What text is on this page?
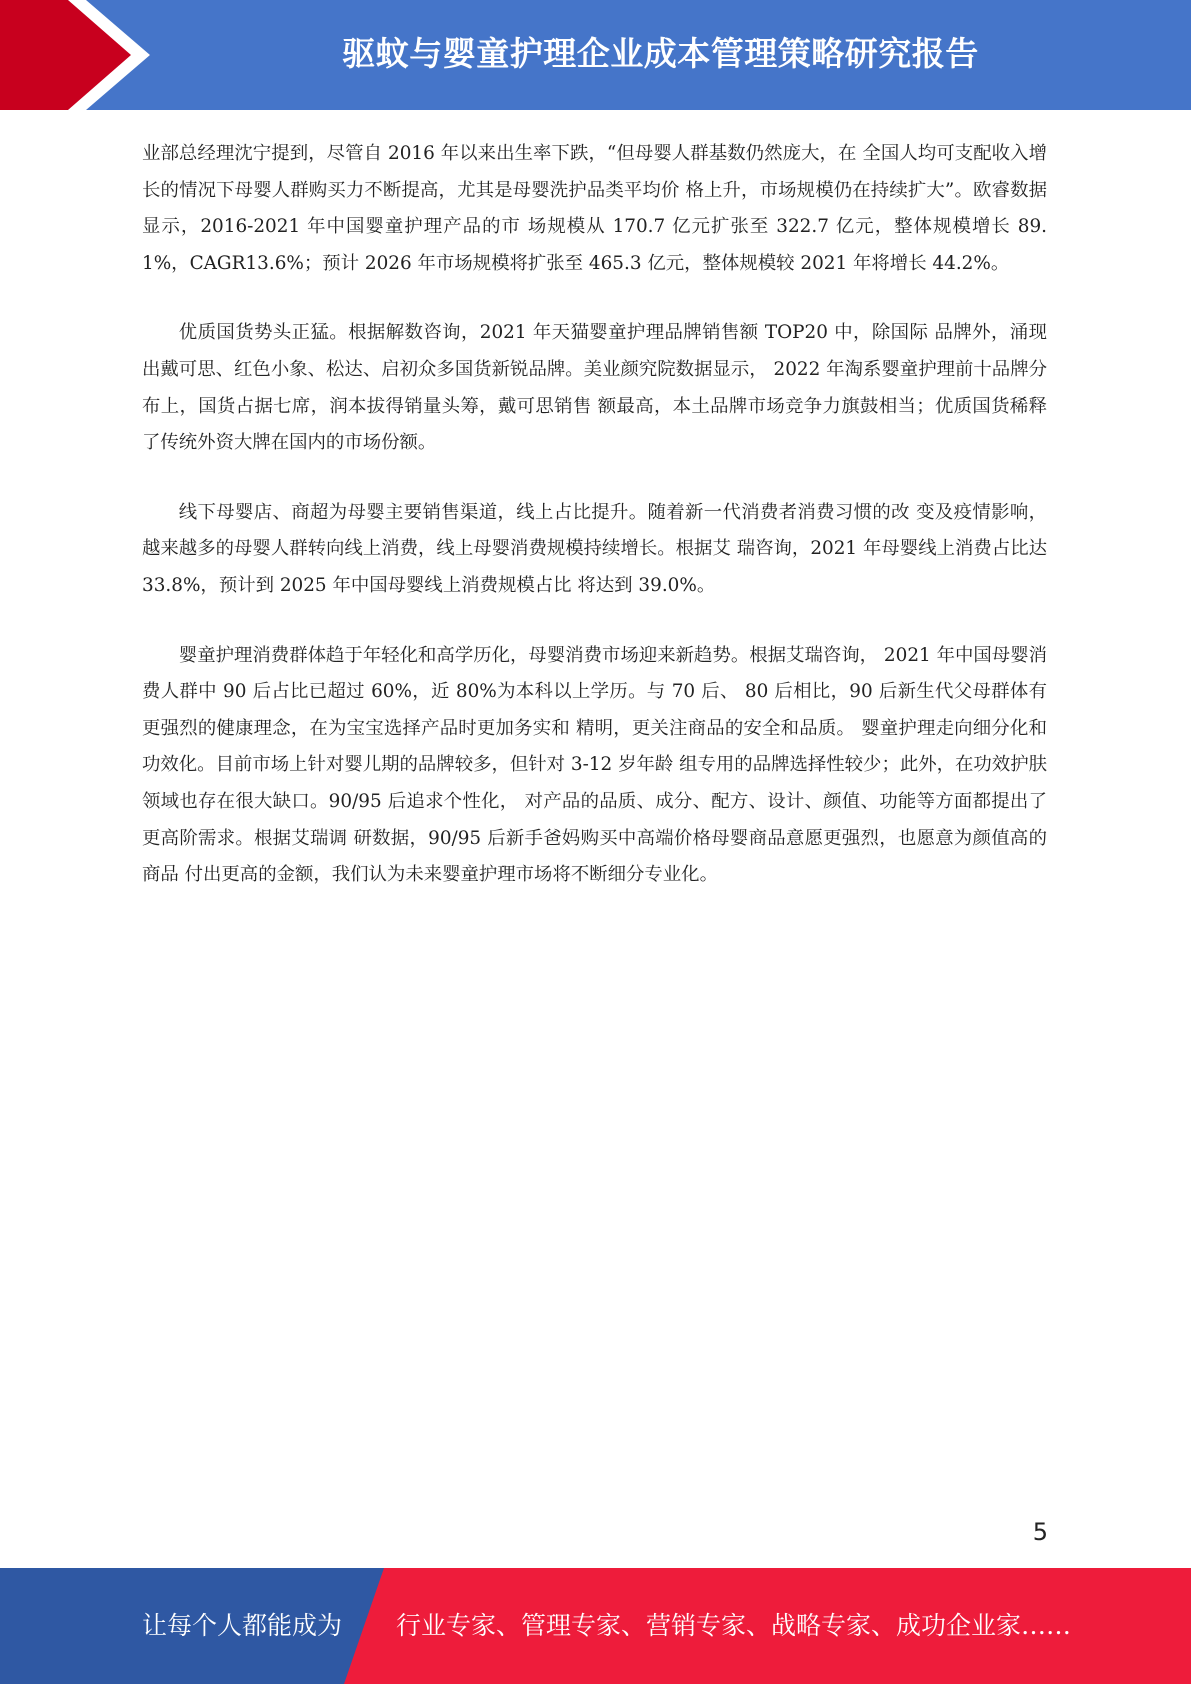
驱蚊与婴童护理企业成本管理策略研究报告

业部总经理沈宁提到，尽管自 2016 年以来出生率下跌，“但母婴人群基数仍然庞大，在 全国人均可支配收入增长的情况下母婴人群购买力不断提高，尤其是母婴洗护品类平均价 格上升，市场规模仍在持续扩大”。欧睿数据显示，2016-2021 年中国婴童护理产品的市 场规模从 170.7 亿元扩张至 322.7 亿元，整体规模增长 89.1%，CAGR13.6%；预计 2026 年市场规模将扩张至 465.3 亿元，整体规模较 2021 年将增长 44.2%。

优质国货势头正猛。根据解数咨询，2021 年天猫婴童护理品牌销售额 TOP20 中，除国际 品牌外，涌现出戴可思、红色小象、松达、启初众多国货新锐品牌。美业颜究院数据显示， 2022 年淘系婴童护理前十品牌分布上，国货占据七席，润本拔得销量头筹，戴可思销售 额最高，本土品牌市场竞争力旗鼓相当；优质国货稀释了传统外资大牌在国内的市场份额。

线下母婴店、商超为母婴主要销售渠道，线上占比提升。随着新一代消费者消费习惯的改 变及疫情影响，越来越多的母婴人群转向线上消费，线上母婴消费规模持续增长。根据艾 瑞咨询，2021 年母婴线上消费占比达 33.8%，预计到 2025 年中国母婴线上消费规模占比 将达到 39.0%。

婴童护理消费群体趋于年轻化和高学历化，母婴消费市场迎来新趋势。根据艾瑞咨询， 2021 年中国母婴消费人群中 90 后占比已超过 60%，近 80%为本科以上学历。与 70 后、 80 后相比，90 后新生代父母群体有更强烈的健康理念，在为宝宝选择产品时更加务实和 精明，更关注商品的安全和品质。 婴童护理走向细分化和功效化。目前市场上针对婴儿期的品牌较多，但针对 3-12 岁年龄 组专用的品牌选择性较少；此外，在功效护肤领域也存在很大缺口。90/95 后追求个性化， 对产品的品质、成分、配方、设计、颜值、功能等方面都提出了更高阶需求。根据艾瑞调 研数据，90/95 后新手爸妈购买中高端价格母婴商品意愿更强烈，也愿意为颜值高的商品 付出更高的金额，我们认为未来婴童护理市场将不断细分专业化。

5
让每个人都能成为 行业专家、管理专家、营销专家、战略专家、成功企业家……
